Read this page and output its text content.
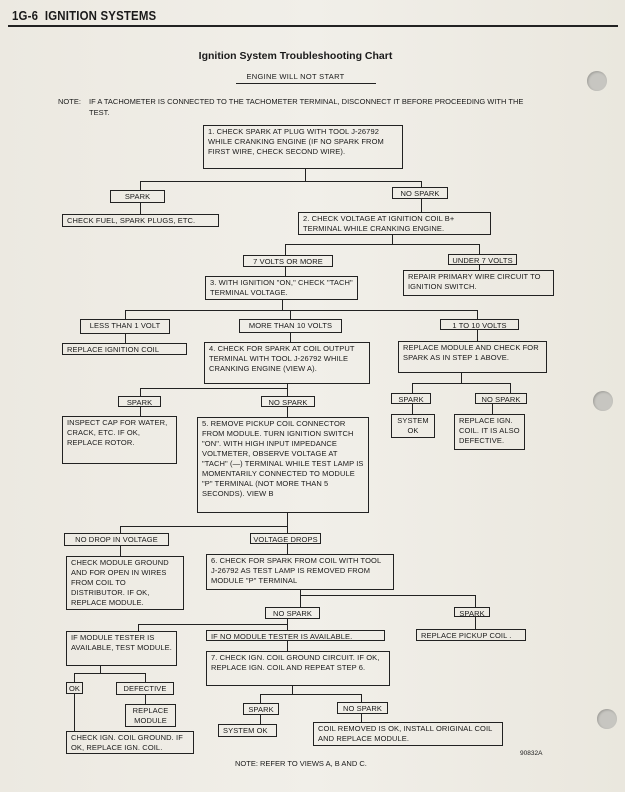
1G-6 IGNITION SYSTEMS
Ignition System Troubleshooting Chart
ENGINE WILL NOT START
NOTE: IF A TACHOMETER IS CONNECTED TO THE TACHOMETER TERMINAL, DISCONNECT IT BEFORE PROCEEDING WITH THE TEST.
1. CHECK SPARK AT PLUG WITH TOOL J-26792 WHILE CRANKING ENGINE (IF NO SPARK FROM FIRST WIRE, CHECK SECOND WIRE).
2. CHECK VOLTAGE AT IGNITION COIL B+ TERMINAL WHILE CRANKING ENGINE.
3. WITH IGNITION "ON," CHECK "TACH" TERMINAL VOLTAGE.
4. CHECK FOR SPARK AT COIL OUTPUT TERMINAL WITH TOOL J-26792 WHILE CRANKING ENGINE (VIEW A).
5. REMOVE PICKUP COIL CONNECTOR FROM MODULE. TURN IGNITION SWITCH "ON". WITH HIGH INPUT IMPEDANCE VOLTMETER, OBSERVE VOLTAGE AT "TACH" (—) TERMINAL WHILE TEST LAMP IS MOMENTARILY CONNECTED TO MODULE "P" TERMINAL (NOT MORE THAN 5 SECONDS). VIEW B
6. CHECK FOR SPARK FROM COIL WITH TOOL J-26792 AS TEST LAMP IS REMOVED FROM MODULE "P" TERMINAL
7. CHECK IGN. COIL GROUND CIRCUIT. IF OK, REPLACE IGN. COIL AND REPEAT STEP 6.
SPARK	NO SPARK
7 VOLTS OR MORE	UNDER 7 VOLTS
LESS THAN 1 VOLT	MORE THAN 10 VOLTS	1 TO 10 VOLTS
SPARK	NO SPARK	SPARK	NO SPARK
NO DROP IN VOLTAGE	VOLTAGE DROPS
NO SPARK	SPARK
OK	DEFECTIVE
SPARK	NO SPARK
CHECK FUEL, SPARK PLUGS, ETC.
REPAIR PRIMARY WIRE CIRCUIT TO IGNITION SWITCH.
REPLACE IGNITION COIL	REPLACE MODULE AND CHECK FOR SPARK AS IN STEP 1 ABOVE.
INSPECT CAP FOR WATER, CRACK, ETC. IF OK, REPLACE ROTOR.
SYSTEM OK
REPLACE IGN. COIL. IT IS ALSO DEFECTIVE.
CHECK MODULE GROUND AND FOR OPEN IN WIRES FROM COIL TO DISTRIBUTOR. IF OK, REPLACE MODULE.
IF MODULE TESTER IS AVAILABLE, TEST MODULE.
IF NO MODULE TESTER IS AVAILABLE.	REPLACE PICKUP COIL .
REPLACE MODULE
CHECK IGN. COIL GROUND. IF OK, REPLACE IGN. COIL.
SYSTEM OK	COIL REMOVED IS OK, INSTALL ORIGINAL COIL AND REPLACE MODULE.
NOTE: REFER TO VIEWS A, B AND C.
90832A
